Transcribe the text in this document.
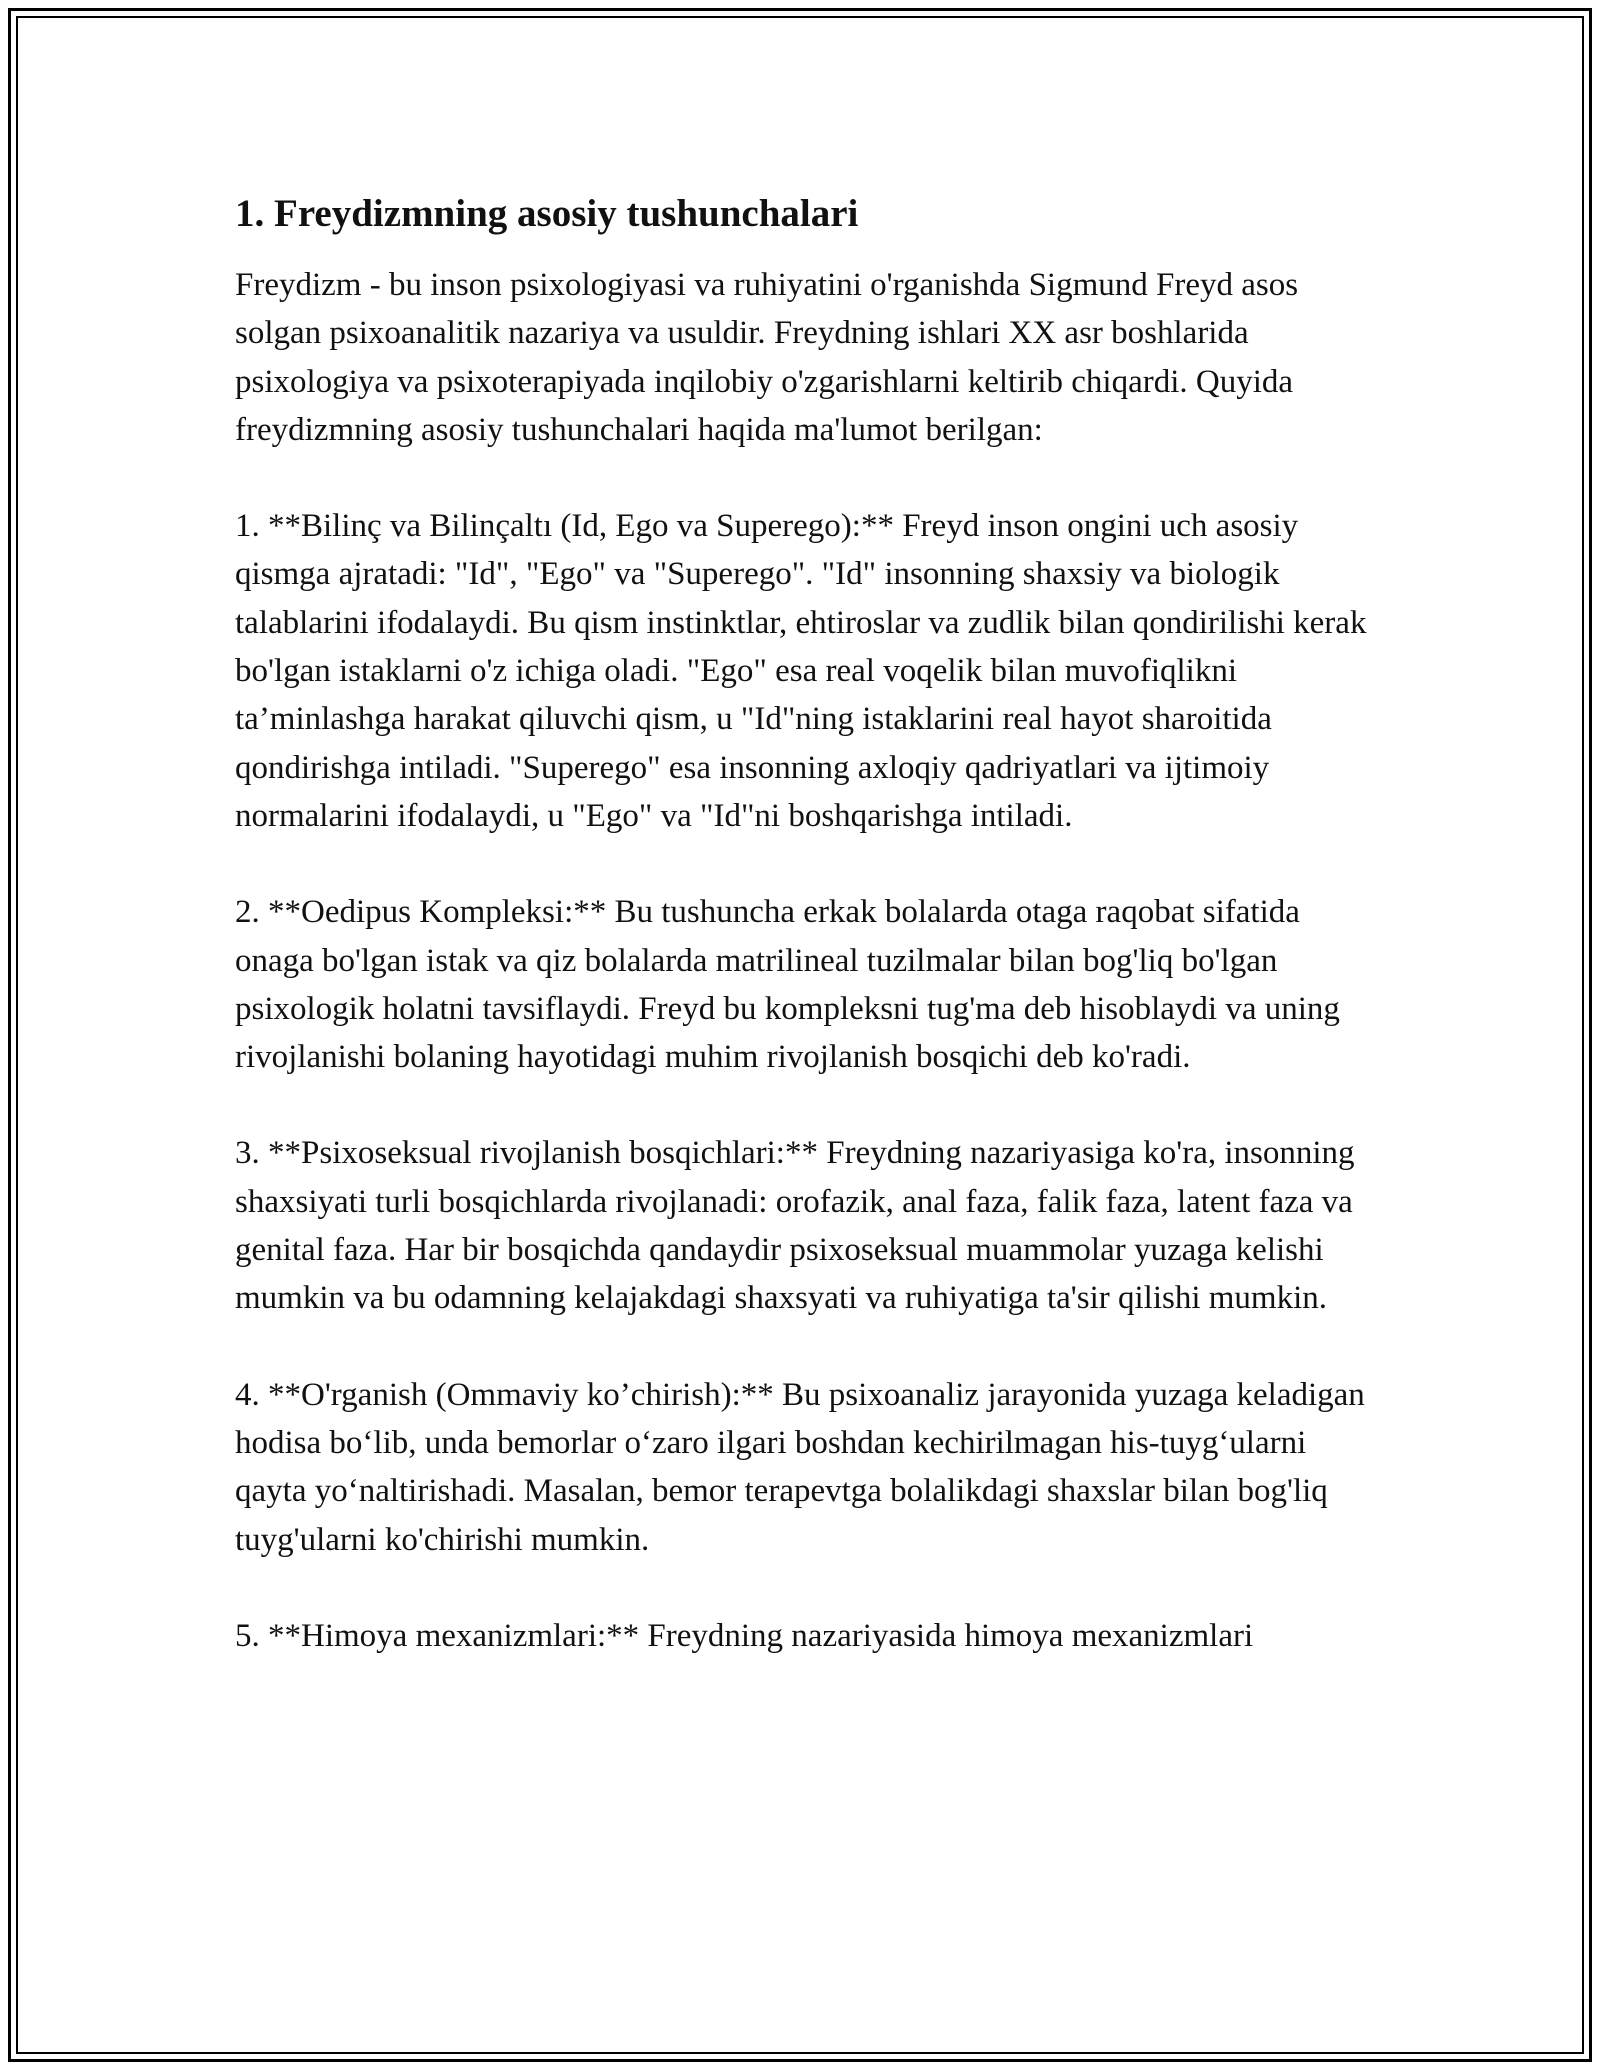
1. Freydizmning asosiy tushunchalari

Freydizm - bu inson psixologiyasi va ruhiyatini o'rganishda Sigmund Freyd asos solgan psixoanalitik nazariya va usuldir. Freydning ishlari XX asr boshlarida psixologiya va psixoterapiyada inqilobiy o'zgarishlarni keltirib chiqardi. Quyida freydizmning asosiy tushunchalari haqida ma'lumot berilgan:

1. **Bilinç va Bilinçaltı (Id, Ego va Superego):** Freyd inson ongini uch asosiy qismga ajratadi: "Id", "Ego" va "Superego". "Id" insonning shaxsiy va biologik talablarini ifodalaydi. Bu qism instinktlar, ehtiroslar va zudlik bilan qondirilishi kerak bo'lgan istaklarni o'z ichiga oladi. "Ego" esa real voqelik bilan muvofiqlikni ta’minlashga harakat qiluvchi qism, u "Id"ning istaklarini real hayot sharoitida qondirishga intiladi. "Superego" esa insonning axloqiy qadriyatlari va ijtimoiy normalarini ifodalaydi, u "Ego" va "Id"ni boshqarishga intiladi.

2. **Oedipus Kompleksi:** Bu tushuncha erkak bolalarda otaga raqobat sifatida onaga bo'lgan istak va qiz bolalarda matrilineal tuzilmalar bilan bog'liq bo'lgan psixologik holatni tavsiflaydi. Freyd bu kompleksni tug'ma deb hisoblaydi va uning rivojlanishi bolaning hayotidagi muhim rivojlanish bosqichi deb ko'radi.

3. **Psixoseksual rivojlanish bosqichlari:** Freydning nazariyasiga ko'ra, insonning shaxsiyati turli bosqichlarda rivojlanadi: orofazik, anal faza, falik faza, latent faza va genital faza. Har bir bosqichda qandaydir psixoseksual muammolar yuzaga kelishi mumkin va bu odamning kelajakdagi shaxsyati va ruhiyatiga ta'sir qilishi mumkin.

4. **O'rganish (Ommaviy ko’chirish):** Bu psixoanaliz jarayonida yuzaga keladigan hodisa bo‘lib, unda bemorlar o‘zaro ilgari boshdan kechirilmagan his-tuyg‘ularni qayta yo‘naltirishadi. Masalan, bemor terapevtga bolalikdagi shaxslar bilan bog'liq tuyg'ularni ko'chirishi mumkin.

5. **Himoya mexanizmlari:** Freydning nazariyasida himoya mexanizmlari
